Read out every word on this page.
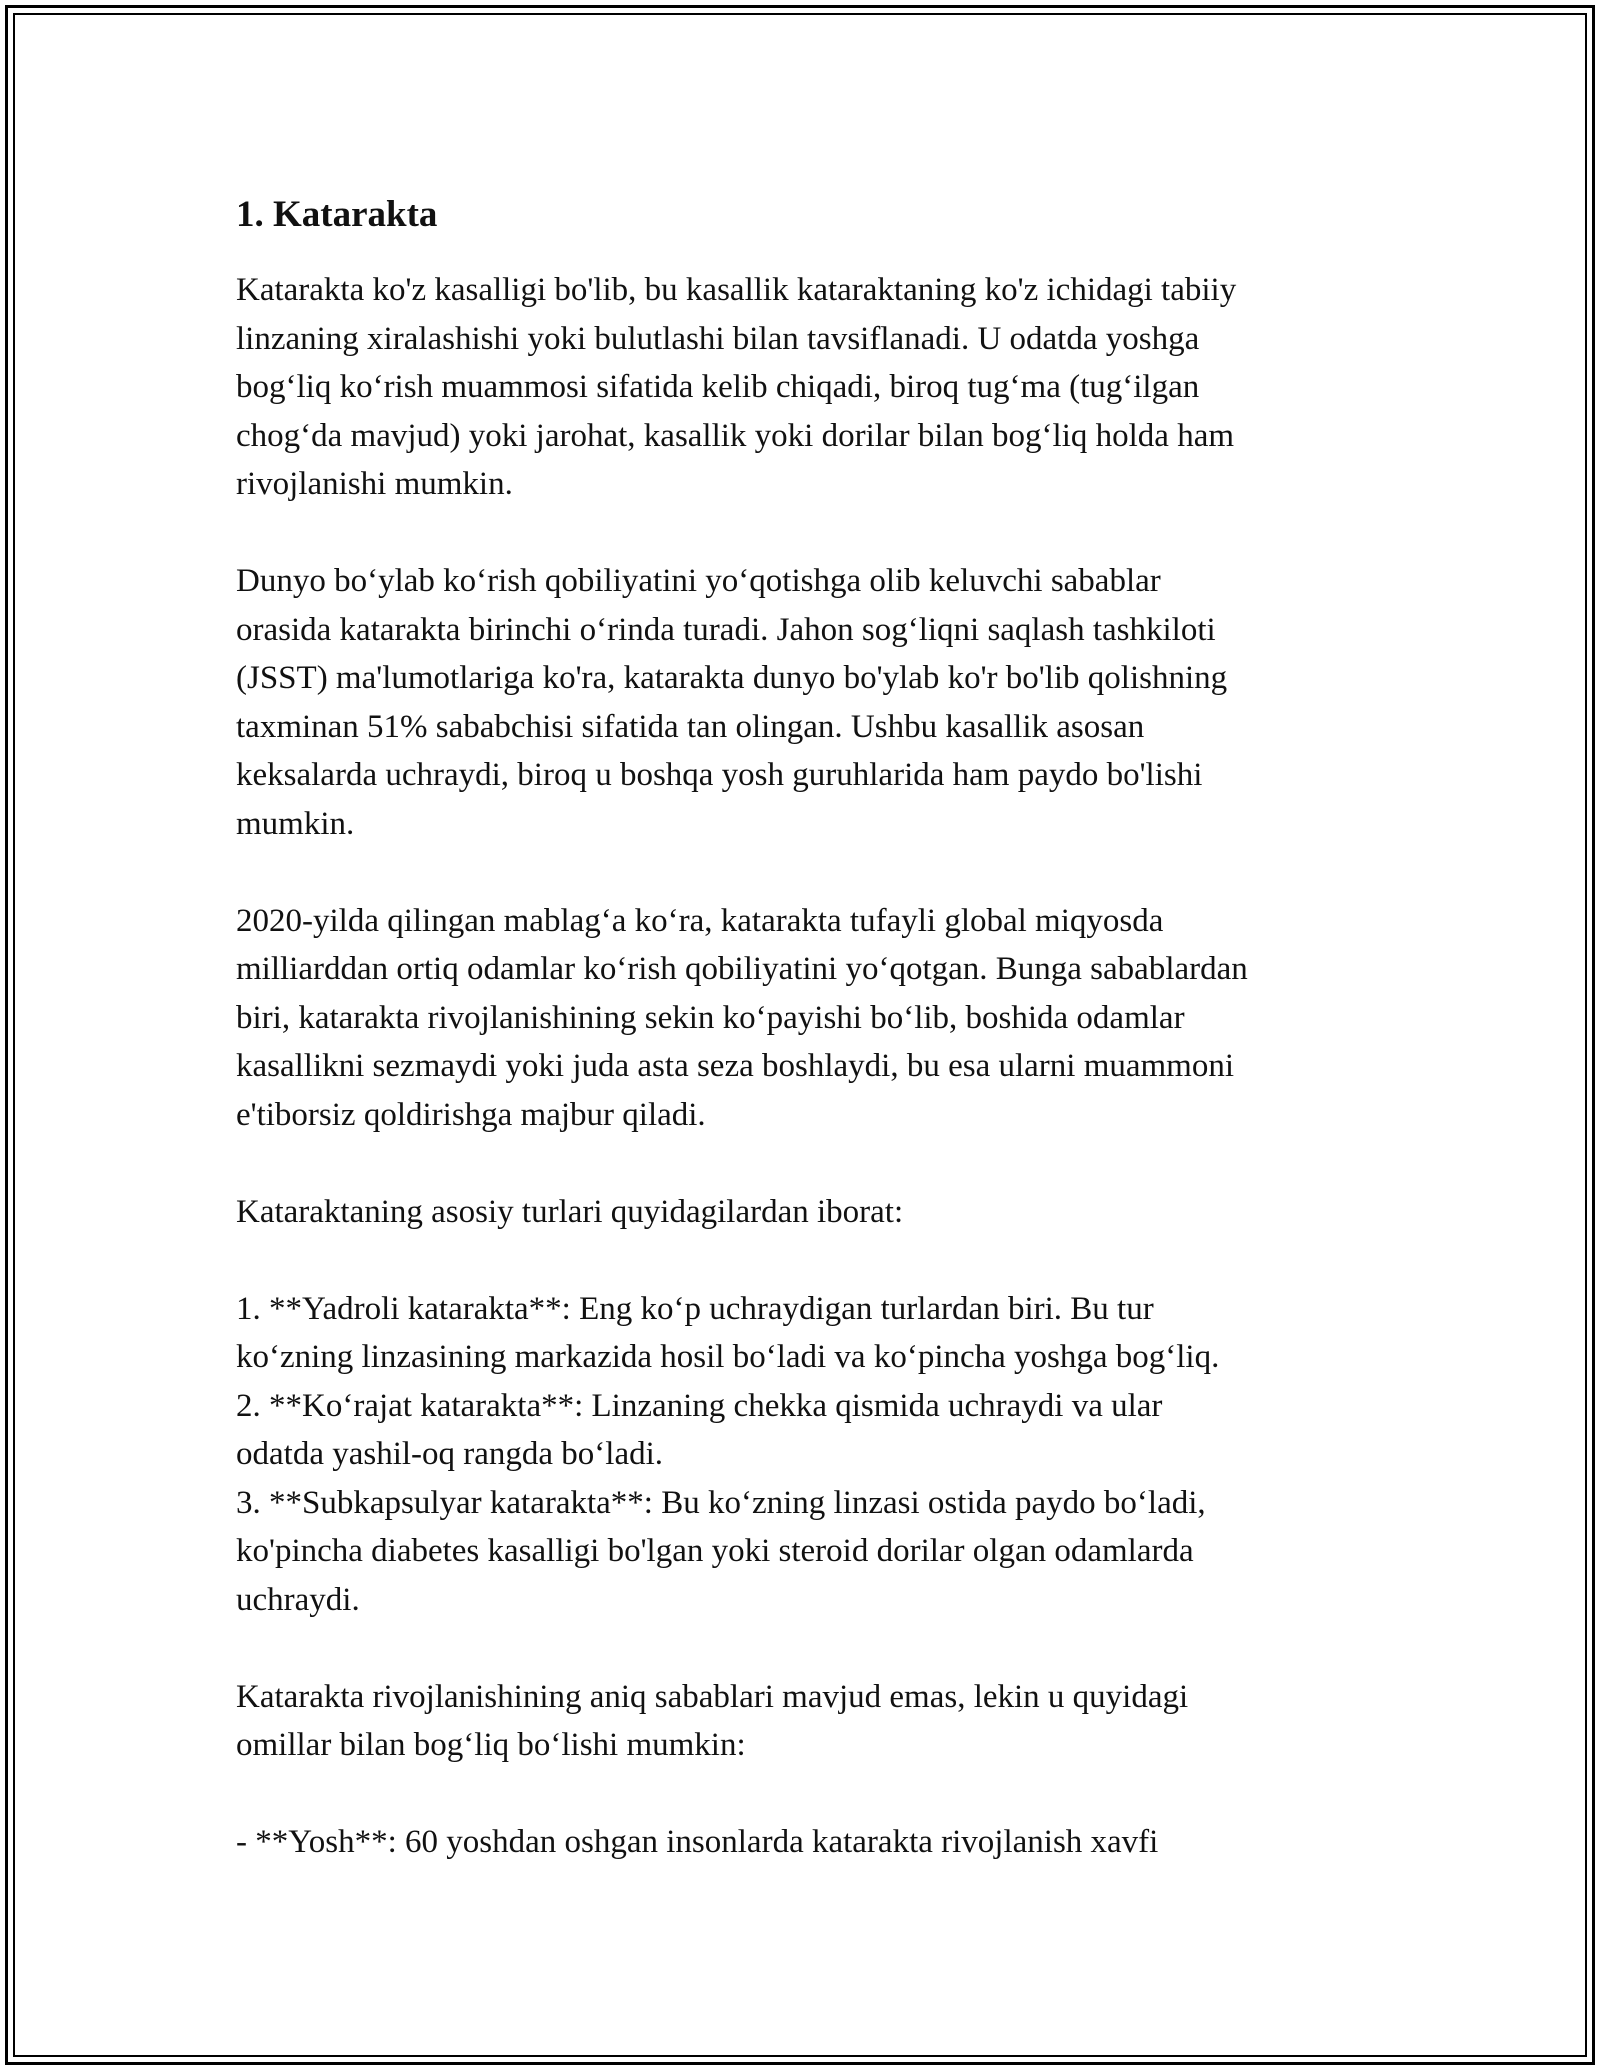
1. Katarakta

Katarakta ko'z kasalligi bo'lib, bu kasallik kataraktaning ko'z ichidagi tabiiy
linzaning xiralashishi yoki bulutlashi bilan tavsiflanadi. U odatda yoshga
bog‘liq ko‘rish muammosi sifatida kelib chiqadi, biroq tug‘ma (tug‘ilgan
chog‘da mavjud) yoki jarohat, kasallik yoki dorilar bilan bog‘liq holda ham
rivojlanishi mumkin.

Dunyo bo‘ylab ko‘rish qobiliyatini yo‘qotishga olib keluvchi sabablar
orasida katarakta birinchi o‘rinda turadi. Jahon sog‘liqni saqlash tashkiloti
(JSST) ma'lumotlariga ko'ra, katarakta dunyo bo'ylab ko'r bo'lib qolishning
taxminan 51% sababchisi sifatida tan olingan. Ushbu kasallik asosan
keksalarda uchraydi, biroq u boshqa yosh guruhlarida ham paydo bo'lishi
mumkin.

2020-yilda qilingan mablag‘a ko‘ra, katarakta tufayli global miqyosda
milliarddan ortiq odamlar ko‘rish qobiliyatini yo‘qotgan. Bunga sabablardan
biri, katarakta rivojlanishining sekin ko‘payishi bo‘lib, boshida odamlar
kasallikni sezmaydi yoki juda asta seza boshlaydi, bu esa ularni muammoni
e'tiborsiz qoldirishga majbur qiladi.

Kataraktaning asosiy turlari quyidagilardan iborat:

1. **Yadroli katarakta**: Eng ko‘p uchraydigan turlardan biri. Bu tur
ko‘zning linzasining markazida hosil bo‘ladi va ko‘pincha yoshga bog‘liq.
2. **Ko‘rajat katarakta**: Linzaning chekka qismida uchraydi va ular
odatda yashil-oq rangda bo‘ladi.
3. **Subkapsulyar katarakta**: Bu ko‘zning linzasi ostida paydo bo‘ladi,
ko'pincha diabetes kasalligi bo'lgan yoki steroid dorilar olgan odamlarda
uchraydi.

Katarakta rivojlanishining aniq sabablari mavjud emas, lekin u quyidagi
omillar bilan bog‘liq bo‘lishi mumkin:

- **Yosh**: 60 yoshdan oshgan insonlarda katarakta rivojlanish xavfi
